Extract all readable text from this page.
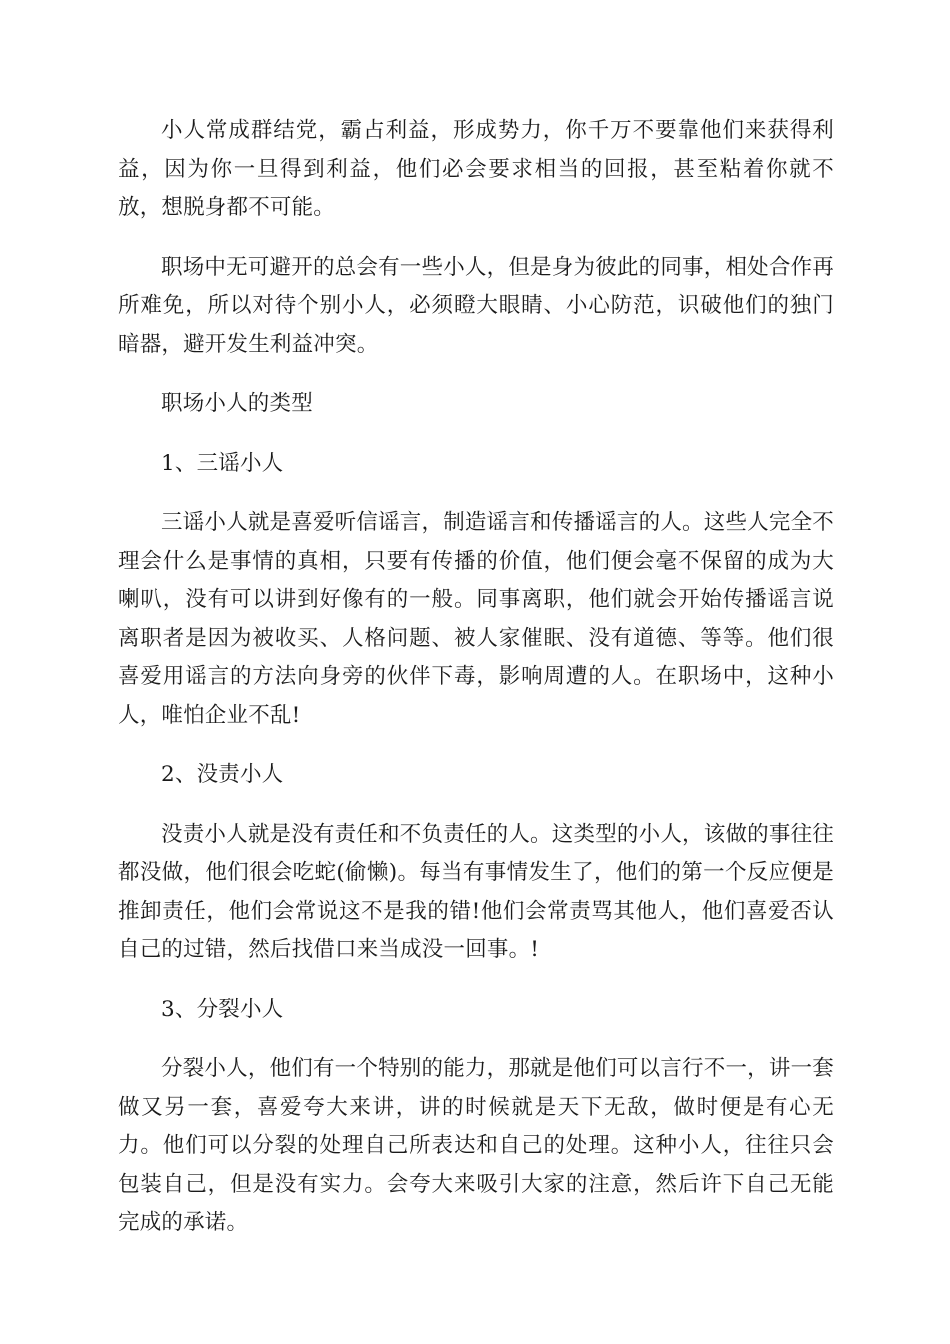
小人常成群结党，霸占利益，形成势力，你千万不要靠他们来获得利益，因为你一旦得到利益，他们必会要求相当的回报，甚至粘着你就不放，想脱身都不可能。

职场中无可避开的总会有一些小人，但是身为彼此的同事，相处合作再所难免，所以对待个别小人，必须瞪大眼睛、小心防范，识破他们的独门暗器，避开发生利益冲突。

职场小人的类型

1、三谣小人

三谣小人就是喜爱听信谣言，制造谣言和传播谣言的人。这些人完全不理会什么是事情的真相，只要有传播的价值，他们便会毫不保留的成为大喇叭，没有可以讲到好像有的一般。同事离职，他们就会开始传播谣言说离职者是因为被收买、人格问题、被人家催眠、没有道德、等等。他们很喜爱用谣言的方法向身旁的伙伴下毒，影响周遭的人。在职场中，这种小人，唯怕企业不乱!

2、没责小人

没责小人就是没有责任和不负责任的人。这类型的小人，该做的事往往都没做，他们很会吃蛇(偷懒)。每当有事情发生了，他们的第一个反应便是推卸责任，他们会常说这不是我的错!他们会常责骂其他人，他们喜爱否认自己的过错，然后找借口来当成没一回事。!

3、分裂小人

分裂小人，他们有一个特别的能力，那就是他们可以言行不一，讲一套做又另一套，喜爱夸大来讲，讲的时候就是天下无敌，做时便是有心无力。他们可以分裂的处理自己所表达和自己的处理。这种小人，往往只会包装自己，但是没有实力。会夸大来吸引大家的注意，然后许下自己无能完成的承诺。
